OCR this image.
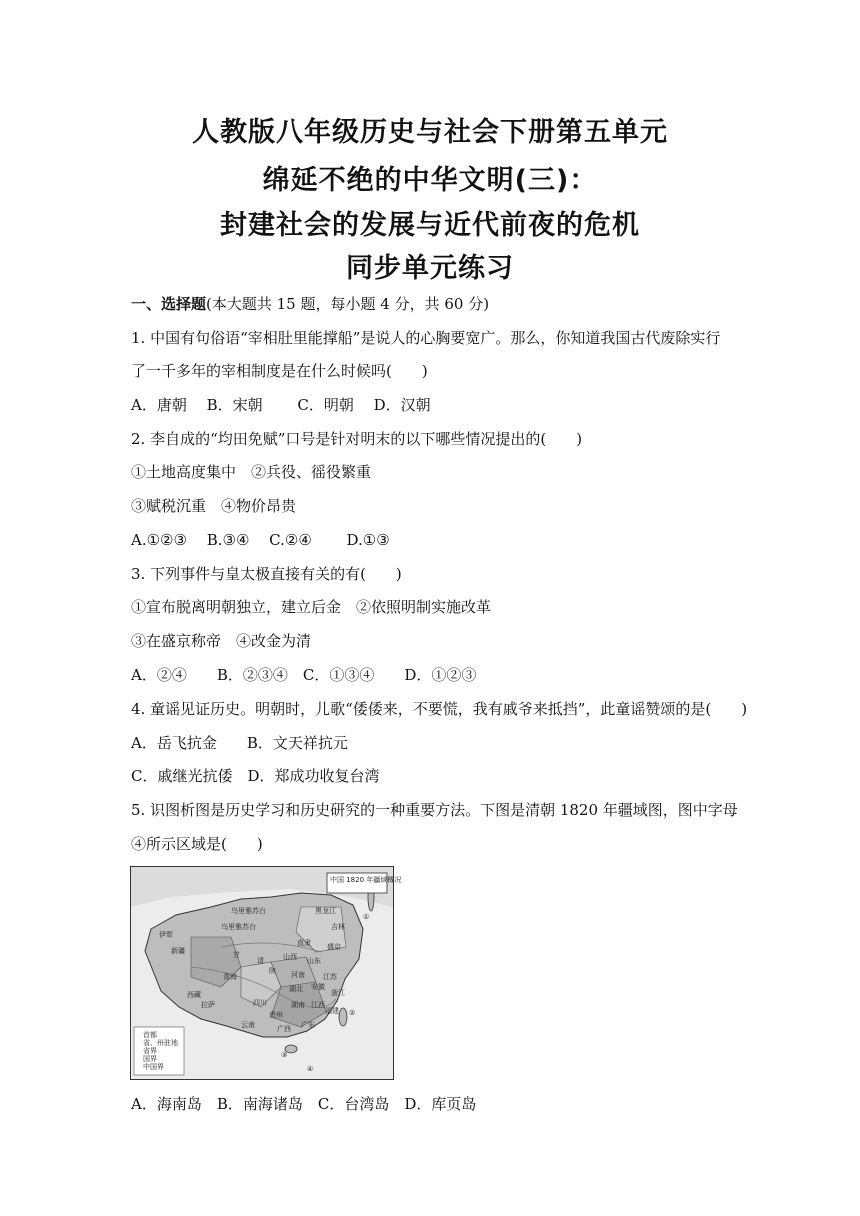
人教版八年级历史与社会下册第五单元
绵延不绝的中华文明(三)：
封建社会的发展与近代前夜的危机
同步单元练习
一、选择题(本大题共 15 题，每小题 4 分，共 60 分)
1. 中国有句俗语“宰相肚里能撑船”是说人的心胸要宽广。那么，你知道我国古代废除实行
了一千多年的宰相制度是在什么时候吗(　　)
A．唐朝　 B．宋朝　　 C．明朝　 D．汉朝
2. 李自成的“均田免赋”口号是针对明末的以下哪些情况提出的(　　)
①土地高度集中　②兵役、徭役繁重
③赋税沉重　④物价昂贵
A.①②③　 B.③④　 C.②④　　 D.①③
3. 下列事件与皇太极直接有关的有(　　)
①宣布脱离明朝独立，建立后金　②依照明制实施改革
③在盛京称帝　④改金为清
A．②④　　B．②③④　C．①③④　　D．①②③
4. 童谣见证历史。明朝时，儿歌“倭倭来，不要慌，我有戚爷来抵挡”，此童谣赞颂的是(　　)
A．岳飞抗金　　B．文天祥抗元
C．戚继光抗倭　D．郑成功收复台湾
5. 识图析图是历史学习和历史研究的一种重要方法。下图是清朝 1820 年疆域图，图中字母
④所示区域是(　　)
中国 1820 年疆域概况
首都
省、州驻地
省界
国界
中国界
新疆
伊犁
乌里雅苏台
乌里雅苏台
西藏
青海
四川
甘
陕
清	山西
河南
湖北
湖南 江西
贵州
云南	广西 广东
福建
浙江
江苏
安徽
山东
直隶
吉林
黑龙江
盛京
拉萨
①
②
③
④
A．海南岛　B．南海诸岛　C．台湾岛　D．库页岛
